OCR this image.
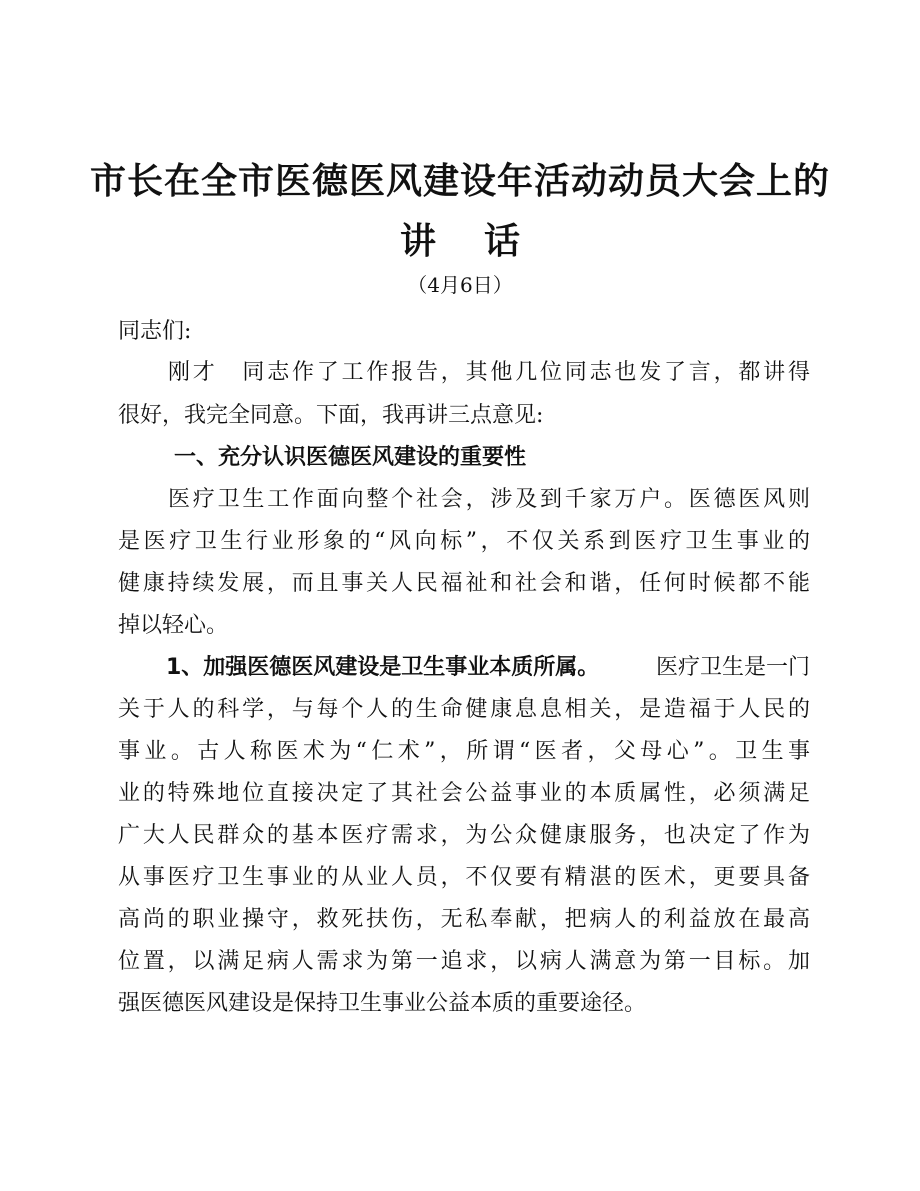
市长在全市医德医风建设年活动动员大会上的
讲 话
（4月6日）
同志们:
刚才　同志作了工作报告，其他几位同志也发了言，都讲得
很好，我完全同意。下面，我再讲三点意见:
一、充分认识医德医风建设的重要性
医疗卫生工作面向整个社会，涉及到千家万户。医德医风则
是医疗卫生行业形象的“风向标”，不仅关系到医疗卫生事业的
健康持续发展，而且事关人民福祉和社会和谐，任何时候都不能
掉以轻心。
1、加强医德医风建设是卫生事业本质所属。	医疗卫生是一门
关于人的科学，与每个人的生命健康息息相关，是造福于人民的
事业。古人称医术为“仁术”，所谓“医者，父母心”。卫生事
业的特殊地位直接决定了其社会公益事业的本质属性，必须满足
广大人民群众的基本医疗需求，为公众健康服务，也决定了作为
从事医疗卫生事业的从业人员，不仅要有精湛的医术，更要具备
高尚的职业操守，救死扶伤，无私奉献，把病人的利益放在最高
位置，以满足病人需求为第一追求，以病人满意为第一目标。加
强医德医风建设是保持卫生事业公益本质的重要途径。
